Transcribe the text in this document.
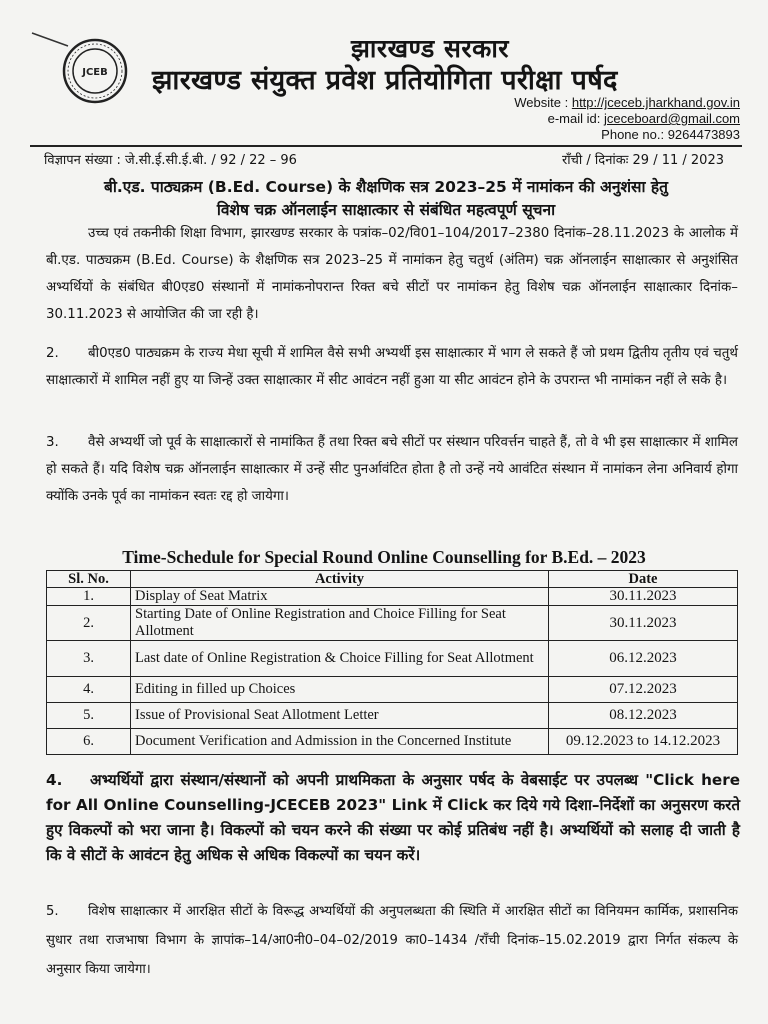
JCEB
झारखण्ड सरकार
झारखण्ड संयुक्त प्रवेश प्रतियोगिता परीक्षा पर्षद
Website : http://jceceb.jharkhand.gov.in
e-mail id: jceceboard@gmail.com
Phone no.: 9264473893
विज्ञापन संख्या : जे.सी.ई.सी.ई.बी. / 92 / 22 – 96	राँची / दिनांकः 29 / 11 / 2023
बी.एड. पाठ्यक्रम (B.Ed. Course) के शैक्षणिक सत्र 2023–25 में नामांकन की अनुशंसा हेतु
विशेष चक्र ऑनलाईन साक्षात्कार से संबंधित महत्वपूर्ण सूचना
उच्च एवं तकनीकी शिक्षा विभाग, झारखण्ड सरकार के पत्रांक–02/वि01–104/2017–2380 दिनांक–28.11.2023 के आलोक में बी.एड. पाठ्यक्रम (B.Ed. Course) के शैक्षणिक सत्र 2023–25 में नामांकन हेतु चतुर्थ (अंतिम) चक्र ऑनलाईन साक्षात्कार से अनुशंसित अभ्यर्थियों के संबंधित बी0एड0 संस्थानों में नामांकनोपरान्त रिक्त बचे सीटों पर नामांकन हेतु विशेष चक्र ऑनलाईन साक्षात्कार दिनांक–30.11.2023 से आयोजित की जा रही है।
2. बी0एड0 पाठ्यक्रम के राज्य मेधा सूची में शामिल वैसे सभी अभ्यर्थी इस साक्षात्कार में भाग ले सकते हैं जो प्रथम द्वितीय तृतीय एवं चतुर्थ साक्षात्कारों में शामिल नहीं हुए या जिन्हें उक्त साक्षात्कार में सीट आवंटन नहीं हुआ या सीट आवंटन होने के उपरान्त भी नामांकन नहीं ले सके है।
3. वैसे अभ्यर्थी जो पूर्व के साक्षात्कारों से नामांकित हैं तथा रिक्त बचे सीटों पर संस्थान परिवर्त्तन चाहते हैं, तो वे भी इस साक्षात्कार में शामिल हो सकते हैं। यदि विशेष चक्र ऑनलाईन साक्षात्कार में उन्हें सीट पुनर्आवंटित होता है तो उन्हें नये आवंटित संस्थान में नामांकन लेना अनिवार्य होगा क्योंकि उनके पूर्व का नामांकन स्वतः रद्द हो जायेगा।
Time-Schedule for Special Round Online Counselling for B.Ed. – 2023
Sl. No.	Activity	Date
1.	Display of Seat Matrix	30.11.2023
2.	Starting Date of Online Registration and Choice Filling for Seat Allotment	30.11.2023
3.	Last date of Online Registration & Choice Filling for Seat Allotment	06.12.2023
4.	Editing in filled up Choices	07.12.2023
5.	Issue of Provisional Seat Allotment Letter	08.12.2023
6.	Document Verification and Admission in the Concerned Institute	09.12.2023 to 14.12.2023
4. अभ्यर्थियों द्वारा संस्थान/संस्थानों को अपनी प्राथमिकता के अनुसार पर्षद के वेबसाईट पर उपलब्ध "Click here for All Online Counselling-JCECEB 2023" Link में Click कर दिये गये दिशा–निर्देशों का अनुसरण करते हुए विकल्पों को भरा जाना है। विकल्पों को चयन करने की संख्या पर कोई प्रतिबंध नहीं है। अभ्यर्थियों को सलाह दी जाती है कि वे सीटों के आवंटन हेतु अधिक से अधिक विकल्पों का चयन करें।
5. विशेष साक्षात्कार में आरक्षित सीटों के विरूद्ध अभ्यर्थियों की अनुपलब्धता की स्थिति में आरक्षित सीटों का विनियमन कार्मिक, प्रशासनिक सुधार तथा राजभाषा विभाग के ज्ञापांक–14/आ0नी0–04–02/2019 का0–1434 /राँची दिनांक–15.02.2019 द्वारा निर्गत संकल्प के अनुसार किया जायेगा।
